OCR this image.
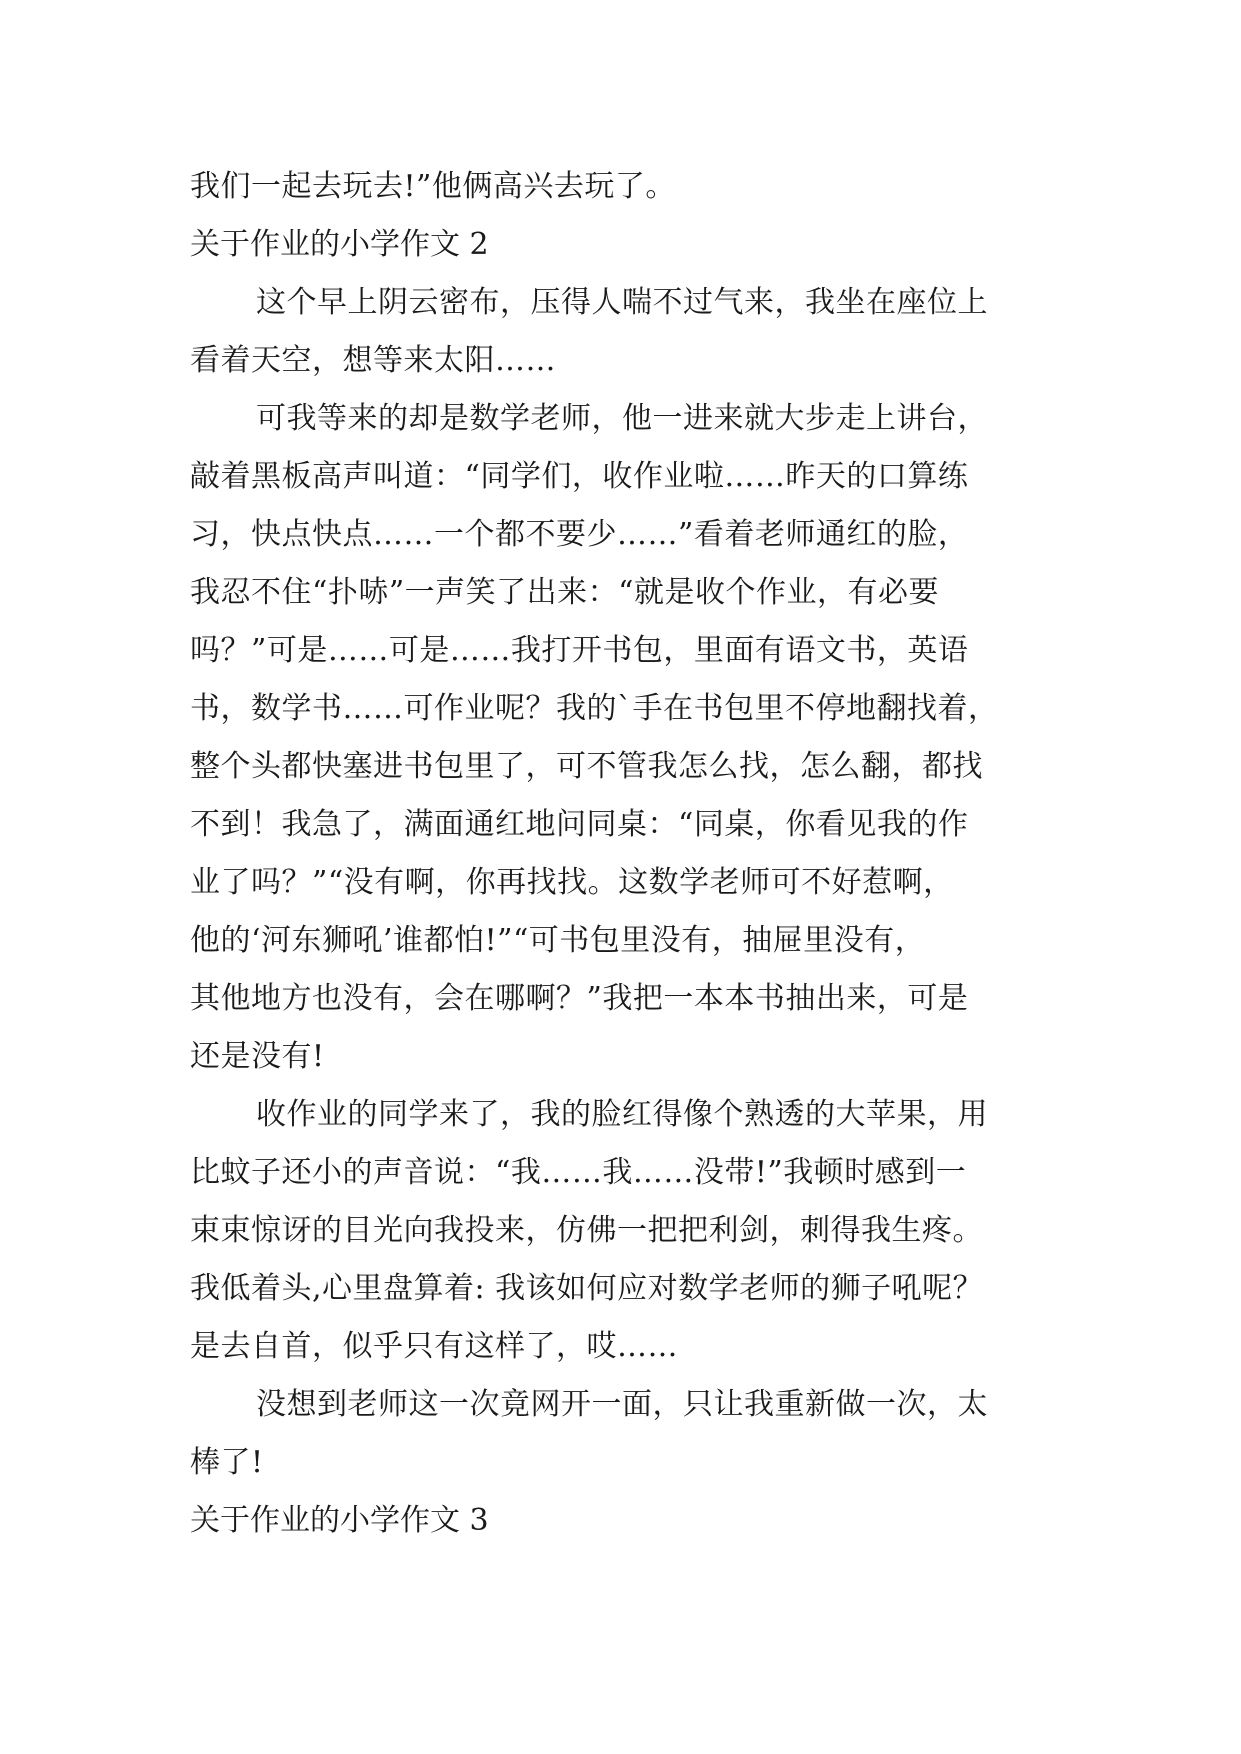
我们一起去玩去!”他俩高兴去玩了。
关于作业的小学作文 2
这个早上阴云密布，压得人喘不过气来，我坐在座位上
看着天空，想等来太阳……
可我等来的却是数学老师，他一进来就大步走上讲台，
敲着黑板高声叫道：“同学们，收作业啦……昨天的口算练
习，快点快点……一个都不要少……”看着老师通红的脸，
我忍不住“扑哧”一声笑了出来：“就是收个作业，有必要
吗？”可是……可是……我打开书包，里面有语文书，英语
书，数学书……可作业呢？我的`手在书包里不停地翻找着，
整个头都快塞进书包里了，可不管我怎么找，怎么翻，都找
不到！我急了，满面通红地问同桌：“同桌，你看见我的作
业了吗？”“没有啊，你再找找。这数学老师可不好惹啊，
他的‘河东狮吼’谁都怕!”“可书包里没有，抽屉里没有，
其他地方也没有，会在哪啊？”我把一本本书抽出来，可是
还是没有!
收作业的同学来了，我的脸红得像个熟透的大苹果，用
比蚊子还小的声音说：“我……我……没带!”我顿时感到一
束束惊讶的目光向我投来，仿佛一把把利剑，刺得我生疼。
我低着头,心里盘算着: 我该如何应对数学老师的狮子吼呢？
是去自首，似乎只有这样了，哎……
没想到老师这一次竟网开一面，只让我重新做一次，太
棒了!
关于作业的小学作文 3
